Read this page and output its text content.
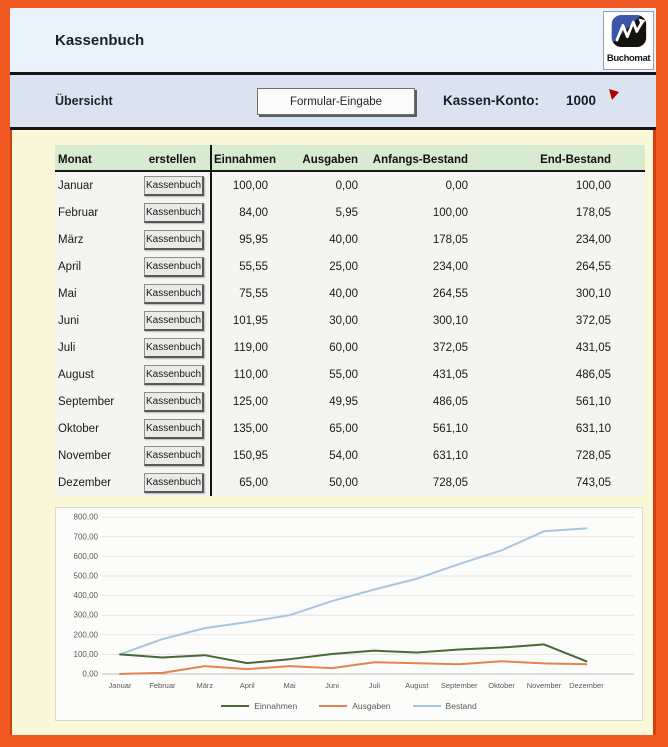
Kassenbuch
Buchomat
Übersicht	Formular-Eingabe	Kassen-Konto: 1000
Monat	erstellen	Einnahmen	Ausgaben	Anfangs-Bestand	End-Bestand
Januar	Kassenbuch	100,00	0,00	0,00	100,00
Februar	Kassenbuch	84,00	5,95	100,00	178,05
März	Kassenbuch	95,95	40,00	178,05	234,00
April	Kassenbuch	55,55	25,00	234,00	264,55
Mai	Kassenbuch	75,55	40,00	264,55	300,10
Juni	Kassenbuch	101,95	30,00	300,10	372,05
Juli	Kassenbuch	119,00	60,00	372,05	431,05
August	Kassenbuch	110,00	55,00	431,05	486,05
September	Kassenbuch	125,00	49,95	486,05	561,10
Oktober	Kassenbuch	135,00	65,00	561,10	631,10
November	Kassenbuch	150,95	54,00	631,10	728,05
Dezember	Kassenbuch	65,00	50,00	728,05	743,05
0,00
100,00
200,00
300,00
400,00
500,00
600,00
700,00
800,00
Januar Februar	März	April	Mai	Juni	Juli	August September Oktober November Dezember
Einnahmen	Ausgaben	Bestand
